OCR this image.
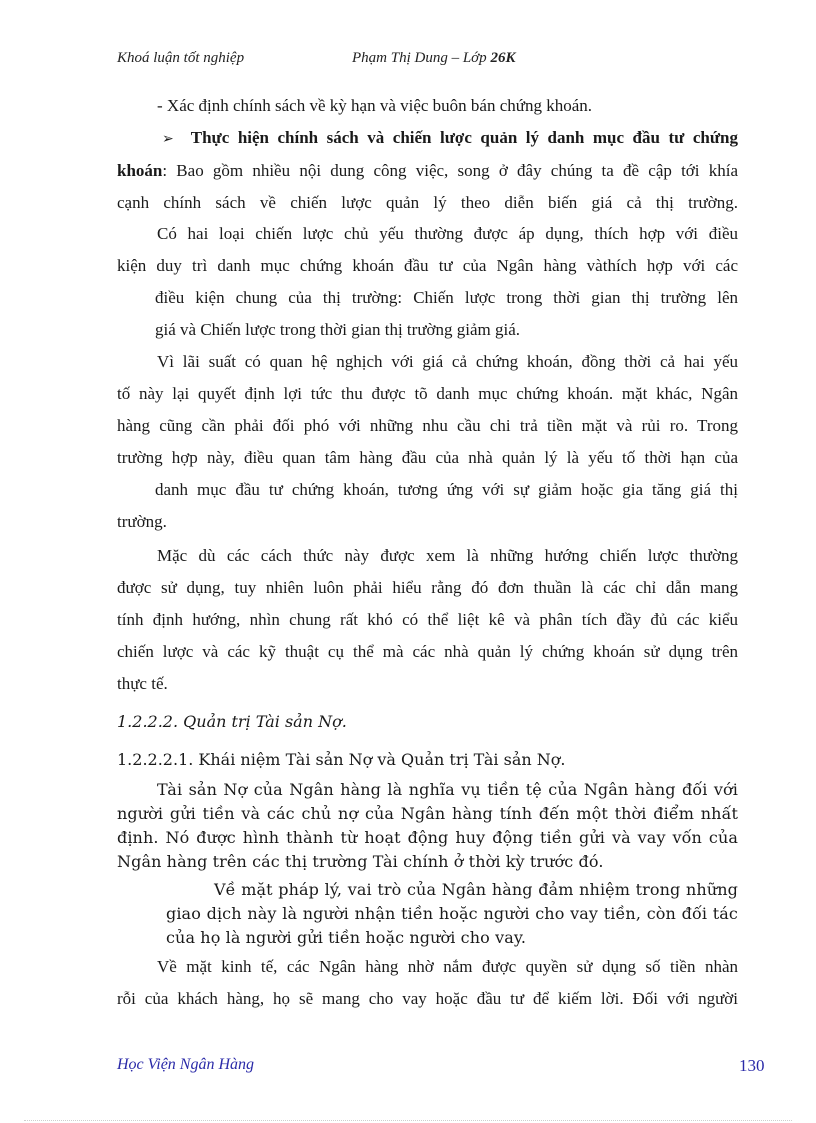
Khoá luận tốt nghiệp	Phạm Thị Dung – Lớp 26K
- Xác định chính sách về kỳ hạn và việc buôn bán chứng khoán.
➢ Thực hiện chính sách và chiến lược quản lý danh mục đầu tư chứng
khoán: Bao gồm nhiều nội dung công việc, song ở đây chúng ta đề cập tới khía
cạnh chính sách về chiến lược quản lý theo diễn biến giá cả thị trường.
Có hai loại chiến lược chủ yếu thường được áp dụng, thích hợp với điều
kiện duy trì danh mục chứng khoán đầu tư của Ngân hàng vàthích hợp với các
điều kiện chung của thị trường: Chiến lược trong thời gian thị trường lên
giá và Chiến lược trong thời gian thị trường giảm giá.
Vì lãi suất có quan hệ nghịch với giá cả chứng khoán, đồng thời cả hai yếu
tố này lại quyết định lợi tức thu được tõ danh mục chứng khoán. mặt khác, Ngân
hàng cũng cần phải đối phó với những nhu cầu chi trả tiền mặt và rủi ro. Trong
trường hợp này, điều quan tâm hàng đầu của nhà quản lý là yếu tố thời hạn của
danh mục đầu tư chứng khoán, tương ứng với sự giảm hoặc gia tăng giá thị
trường.
Mặc dù các cách thức này được xem là những hướng chiến lược thường
được sử dụng, tuy nhiên luôn phải hiểu rằng đó đơn thuần là các chỉ dẫn mang
tính định hướng, nhìn chung rất khó có thể liệt kê và phân tích đầy đủ các kiểu
chiến lược và các kỹ thuật cụ thể mà các nhà quản lý chứng khoán sử dụng trên
thực tế.
1.2.2.2. Quản trị Tài sản Nợ.
1.2.2.2.1. Khái niệm Tài sản Nợ và Quản trị Tài sản Nợ.
Tài sản Nợ của Ngân hàng là nghĩa vụ tiền tệ của Ngân hàng đối với
người gửi tiền và các chủ nợ của Ngân hàng tính đến một thời điểm nhất
định. Nó được hình thành từ hoạt động huy động tiền gửi và vay vốn của
Ngân hàng trên các thị trường Tài chính ở thời kỳ trước đó.
Về mặt pháp lý, vai trò của Ngân hàng đảm nhiệm trong những
giao dịch này là người nhận tiền hoặc người cho vay tiền, còn đối tác
của họ là người gửi tiền hoặc người cho vay.
Về mặt kinh tế, các Ngân hàng nhờ nắm được quyền sử dụng số tiền nhàn
rỗi của khách hàng, họ sẽ mang cho vay hoặc đầu tư để kiếm lời. Đối với người
Học Viện Ngân Hàng	130
